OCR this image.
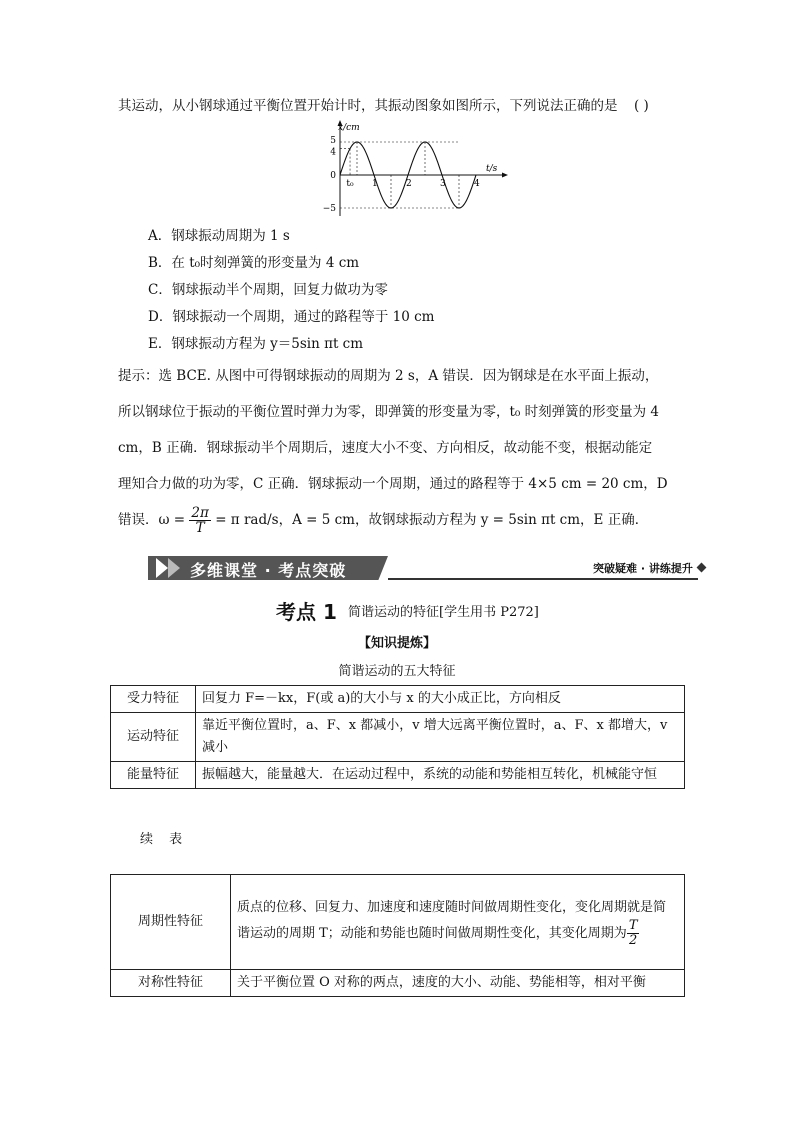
其运动，从小钢球通过平衡位置开始计时，其振动图象如图所示，下列说法正确的是 ( )
x/cm
t/s
5
4
0
−5
t₀ 1	2	3	4
A．钢球振动周期为 1 s
B．在 t₀时刻弹簧的形变量为 4 cm
C．钢球振动半个周期，回复力做功为零
D．钢球振动一个周期，通过的路程等于 10 cm
E．钢球振动方程为 y＝5sin πt cm
提示：选 BCE. 从图中可得钢球振动的周期为 2 s，A 错误．因为钢球是在水平面上振动，
所以钢球位于振动的平衡位置时弹力为零，即弹簧的形变量为零，t₀ 时刻弹簧的形变量为 4
cm，B 正确．钢球振动半个周期后，速度大小不变、方向相反，故动能不变，根据动能定
理知合力做的功为零，C 正确．钢球振动一个周期，通过的路程等于 4×5 cm = 20 cm，D
错误．$\omega = \frac{2\pi}{T} = \pi$ rad/s，A = 5 cm，故钢球振动方程为 y = 5sin πt cm，E 正确．
多维课堂 · 考点突破	突破疑难 · 讲练提升
考点 1 简谐运动的特征[学生用书 P272]
【知识提炼】
简谐运动的五大特征
受力特征	回复力 F=－kx，F(或 a)的大小与 x 的大小成正比，方向相反
运动特征	靠近平衡位置时，a、F、x 都减小，v 增大远离平衡位置时，a、F、x 都增大，v 减小
能量特征	振幅越大，能量越大．在运动过程中，系统的动能和势能相互转化，机械能守恒
续 表
周期性特征	质点的位移、回复力、加速度和速度随时间做周期性变化，变化周期就是简谐运动的周期 T；动能和势能也随时间做周期性变化，其变化周期为 $\frac{T}{2}$

对称性特征	关于平衡位置 O 对称的两点，速度的大小、动能、势能相等，相对平衡
